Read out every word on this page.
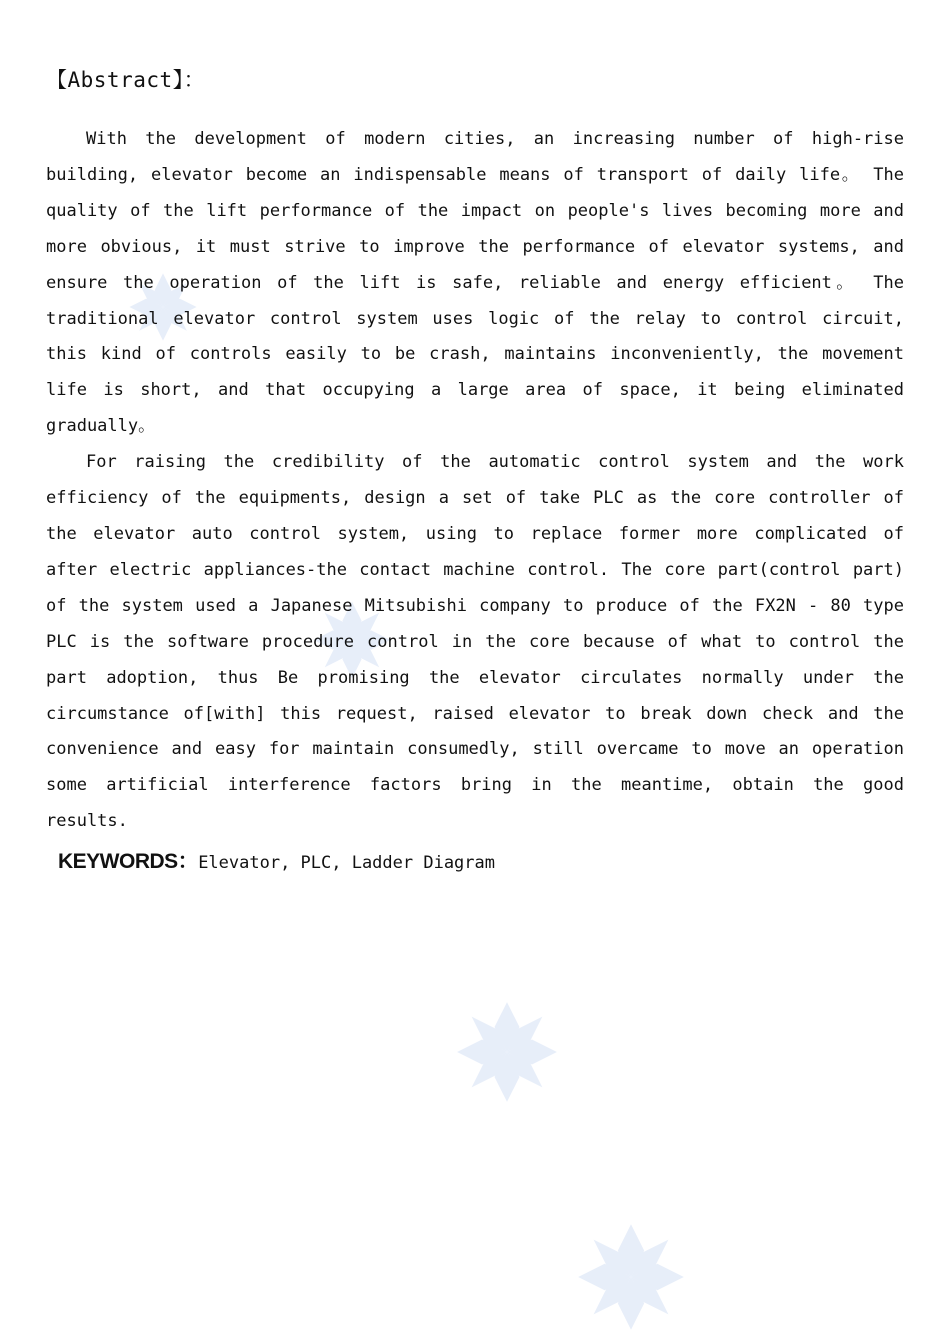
【Abstract】：

With the development of modern cities, an increasing number of high-rise building, elevator become an indispensable means of transport of daily life。 The quality of the lift performance of the impact on people's lives becoming more and more obvious, it must strive to improve the performance of elevator systems, and ensure the operation of the lift is safe, reliable and energy efficient。 The traditional elevator control system uses logic of the relay to control circuit, this kind of controls easily to be crash, maintains inconveniently, the movement life is short, and that occupying a large area of space, it being eliminated gradually。

For raising the credibility of the automatic control system and the work efficiency of the equipments, design a set of take PLC as the core controller of the elevator auto control system, using to replace former more complicated of after electric appliances-the contact machine control. The core part(control part) of the system used a Japanese Mitsubishi company to produce of the FX2N - 80 type PLC is the software procedure control in the core because of what to control the part adoption, thus Be promising the elevator circulates normally under the circumstance of[with] this request, raised elevator to break down check and the convenience and easy for maintain consumedly, still overcame to move an operation some artificial interference factors bring in the meantime, obtain the good results.

KEYWORDS：Elevator, PLC, Ladder Diagram
